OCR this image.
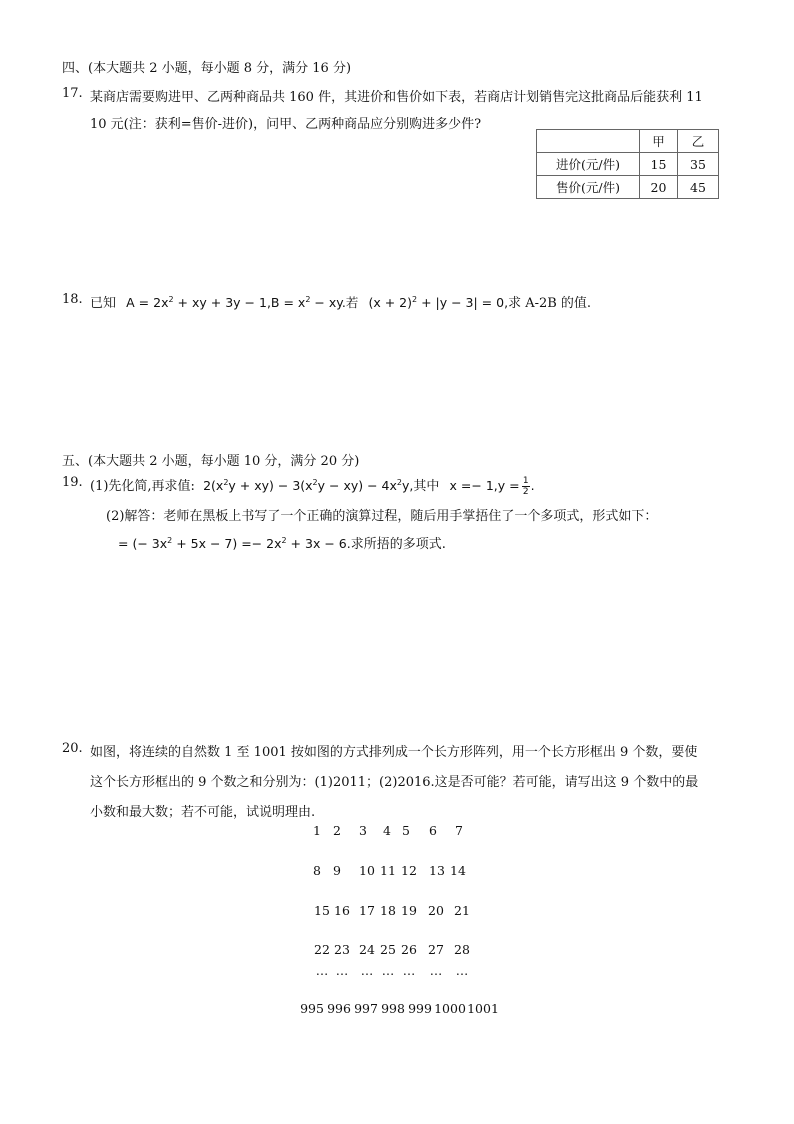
四、(本大题共 2 小题，每小题 8 分，满分 16 分)
17. 某商店需要购进甲、乙两种商品共 160 件，其进价和售价如下表，若商店计划销售完这批商品后能获利 11
10 元(注：获利=售价-进价)，问甲、乙两种商品应分别购进多少件?
	甲	乙
进价(元/件)	15	35
售价(元/件)	20	45
18. 已知 $A = 2x^2$ + xy + $3y - 1,B = x^2$ − xy.若 $(x + 2)^2 + |y - 3| = 0$,求 A-2B 的值.
五、(本大题共 2 小题，每小题 10 分，满分 20 分)
19. (1)先化简,再求值: $2(x^2y + xy) - 3(x^2y - xy) - 4x^2y$,其中 x =− 1,y =  $\frac{1}{2}$ .
(2)解答：老师在黑板上书写了一个正确的演算过程，随后用手掌捂住了一个多项式，形式如下：
= (− $3x^2 + 5x - 7) =- 2x^2 + 3x - 6$.求所捂的多项式.
20. 如图，将连续的自然数 1 至 1001 按如图的方式排列成一个长方形阵列，用一个长方形框出 9 个数，要使
这个长方形框出的 9 个数之和分别为：(1)2011；(2)2016.这是否可能？若可能，请写出这 9 个数中的最
小数和最大数；若不可能，试说明理由.
1 2 3 4 5 6 7
8 9 10 11 12 13 14
15 16 17 18 19 20 21
22 23 24 25 26 27 28
… …	… … …	…	…
995 996 997 998 999 1000 1001
